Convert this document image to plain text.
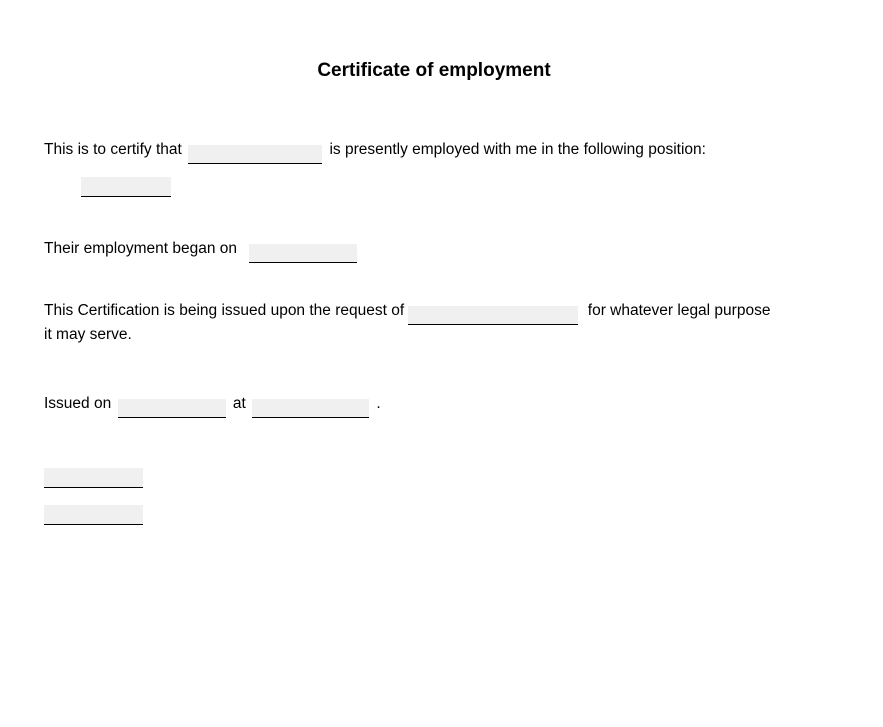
Certificate of employment
This is to certify that	is presently employed with me in the following position:
Their employment began on
This Certification is being issued upon the request of	for whatever legal purpose
it may serve.
Issued on	at	.
